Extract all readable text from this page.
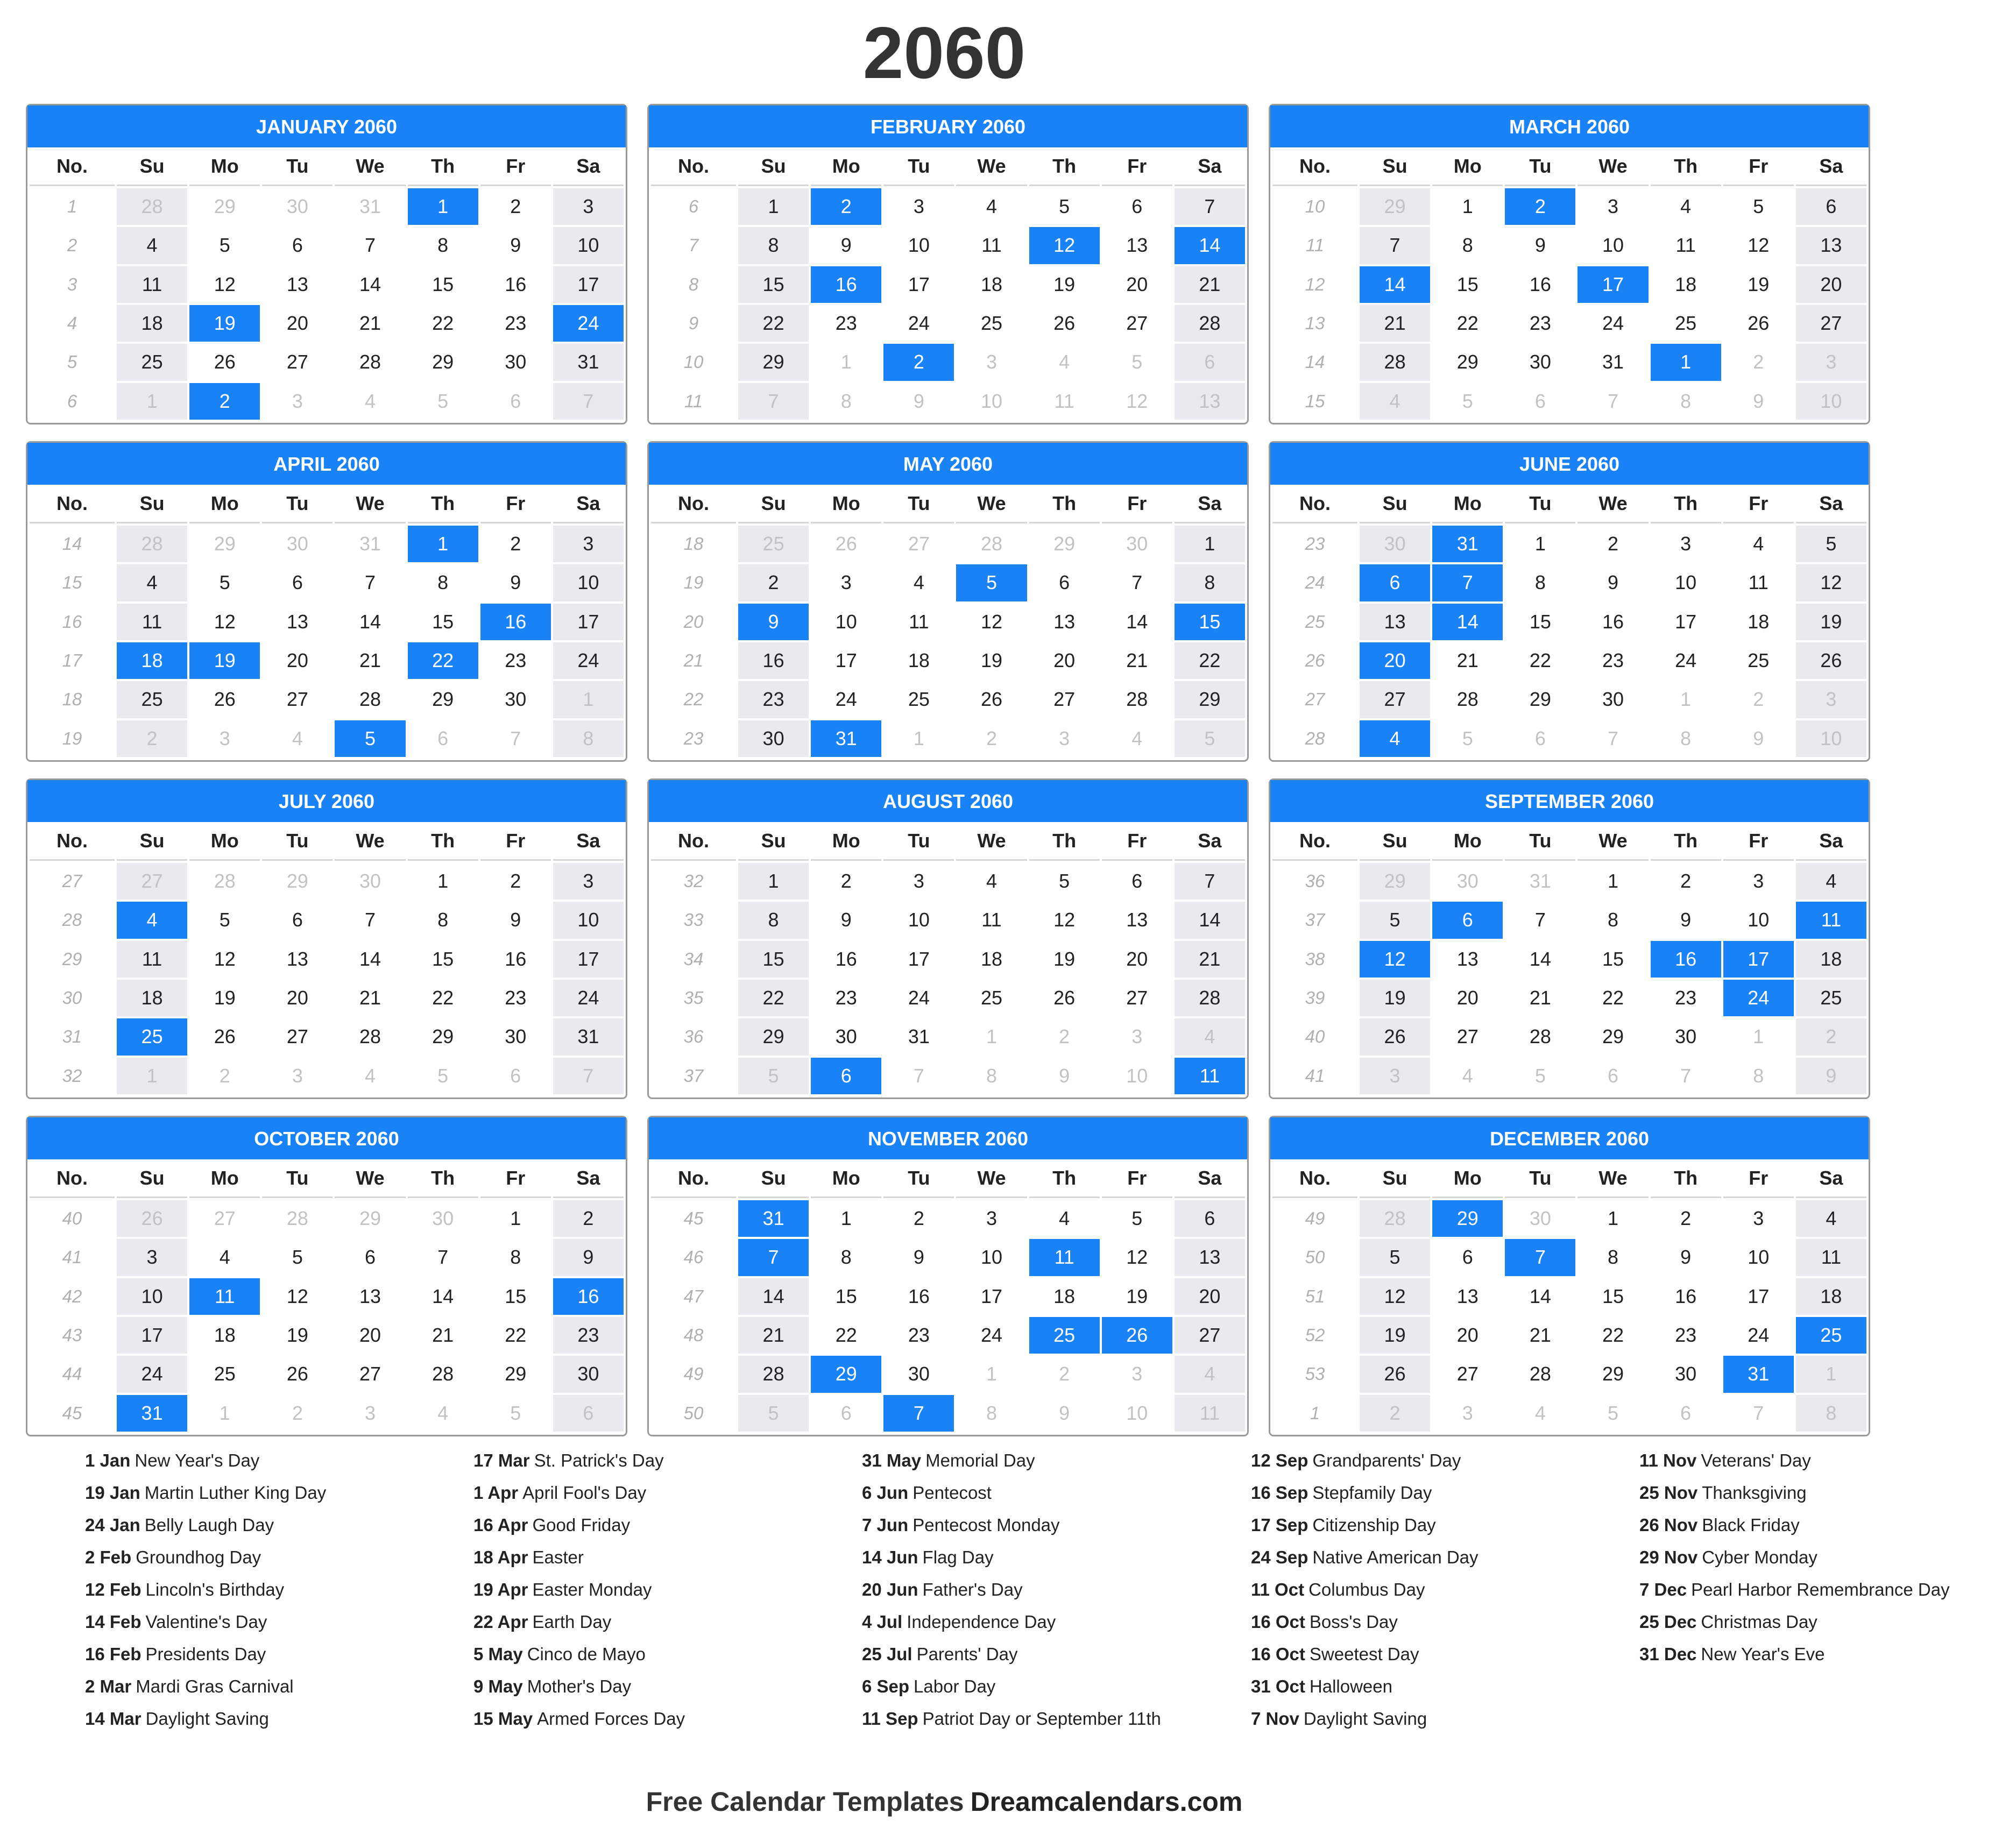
2060
JANUARY 2060
No.	Su	Mo	Tu	We	Th	Fr	Sa
1	28	29	30	31	1	2	3
2	4	5	6	7	8	9	10
3	11	12	13	14	15	16	17
4	18	19	20	21	22	23	24
5	25	26	27	28	29	30	31
6	1	2	3	4	5	6	7
FEBRUARY 2060
No.	Su	Mo	Tu	We	Th	Fr	Sa
6	1	2	3	4	5	6	7
7	8	9	10	11	12	13	14
8	15	16	17	18	19	20	21
9	22	23	24	25	26	27	28
10	29	1	2	3	4	5	6
11	7	8	9	10	11	12	13
MARCH 2060
No.	Su	Mo	Tu	We	Th	Fr	Sa
10	29	1	2	3	4	5	6
11	7	8	9	10	11	12	13
12	14	15	16	17	18	19	20
13	21	22	23	24	25	26	27
14	28	29	30	31	1	2	3
15	4	5	6	7	8	9	10
APRIL 2060
No.	Su	Mo	Tu	We	Th	Fr	Sa
14	28	29	30	31	1	2	3
15	4	5	6	7	8	9	10
16	11	12	13	14	15	16	17
17	18	19	20	21	22	23	24
18	25	26	27	28	29	30	1
19	2	3	4	5	6	7	8
MAY 2060
No.	Su	Mo	Tu	We	Th	Fr	Sa
18	25	26	27	28	29	30	1
19	2	3	4	5	6	7	8
20	9	10	11	12	13	14	15
21	16	17	18	19	20	21	22
22	23	24	25	26	27	28	29
23	30	31	1	2	3	4	5
JUNE 2060
No.	Su	Mo	Tu	We	Th	Fr	Sa
23	30	31	1	2	3	4	5
24	6	7	8	9	10	11	12
25	13	14	15	16	17	18	19
26	20	21	22	23	24	25	26
27	27	28	29	30	1	2	3
28	4	5	6	7	8	9	10
JULY 2060
No.	Su	Mo	Tu	We	Th	Fr	Sa
27	27	28	29	30	1	2	3
28	4	5	6	7	8	9	10
29	11	12	13	14	15	16	17
30	18	19	20	21	22	23	24
31	25	26	27	28	29	30	31
32	1	2	3	4	5	6	7
AUGUST 2060
No.	Su	Mo	Tu	We	Th	Fr	Sa
32	1	2	3	4	5	6	7
33	8	9	10	11	12	13	14
34	15	16	17	18	19	20	21
35	22	23	24	25	26	27	28
36	29	30	31	1	2	3	4
37	5	6	7	8	9	10	11
SEPTEMBER 2060
No.	Su	Mo	Tu	We	Th	Fr	Sa
36	29	30	31	1	2	3	4
37	5	6	7	8	9	10	11
38	12	13	14	15	16	17	18
39	19	20	21	22	23	24	25
40	26	27	28	29	30	1	2
41	3	4	5	6	7	8	9
OCTOBER 2060
No.	Su	Mo	Tu	We	Th	Fr	Sa
40	26	27	28	29	30	1	2
41	3	4	5	6	7	8	9
42	10	11	12	13	14	15	16
43	17	18	19	20	21	22	23
44	24	25	26	27	28	29	30
45	31	1	2	3	4	5	6
NOVEMBER 2060
No.	Su	Mo	Tu	We	Th	Fr	Sa
45	31	1	2	3	4	5	6
46	7	8	9	10	11	12	13
47	14	15	16	17	18	19	20
48	21	22	23	24	25	26	27
49	28	29	30	1	2	3	4
50	5	6	7	8	9	10	11
DECEMBER 2060
No.	Su	Mo	Tu	We	Th	Fr	Sa
49	28	29	30	1	2	3	4
50	5	6	7	8	9	10	11
51	12	13	14	15	16	17	18
52	19	20	21	22	23	24	25
53	26	27	28	29	30	31	1
1	2	3	4	5	6	7	8
1 Jan New Year's Day
19 Jan Martin Luther King Day
24 Jan Belly Laugh Day
2 Feb Groundhog Day
12 Feb Lincoln's Birthday
14 Feb Valentine's Day
16 Feb Presidents Day
2 Mar Mardi Gras Carnival
14 Mar Daylight Saving
17 Mar St. Patrick's Day
1 Apr April Fool's Day
16 Apr Good Friday
18 Apr Easter
19 Apr Easter Monday
22 Apr Earth Day
5 May Cinco de Mayo
9 May Mother's Day
15 May Armed Forces Day
31 May Memorial Day
6 Jun Pentecost
7 Jun Pentecost Monday
14 Jun Flag Day
20 Jun Father's Day
4 Jul Independence Day
25 Jul Parents' Day
6 Sep Labor Day
11 Sep Patriot Day or September 11th
12 Sep Grandparents' Day
16 Sep Stepfamily Day
17 Sep Citizenship Day
24 Sep Native American Day
11 Oct Columbus Day
16 Oct Boss's Day
16 Oct Sweetest Day
31 Oct Halloween
7 Nov Daylight Saving
11 Nov Veterans' Day
25 Nov Thanksgiving
26 Nov Black Friday
29 Nov Cyber Monday
7 Dec Pearl Harbor Remembrance Day
25 Dec Christmas Day
31 Dec New Year's Eve
Free Calendar Templates Dreamcalendars.com
